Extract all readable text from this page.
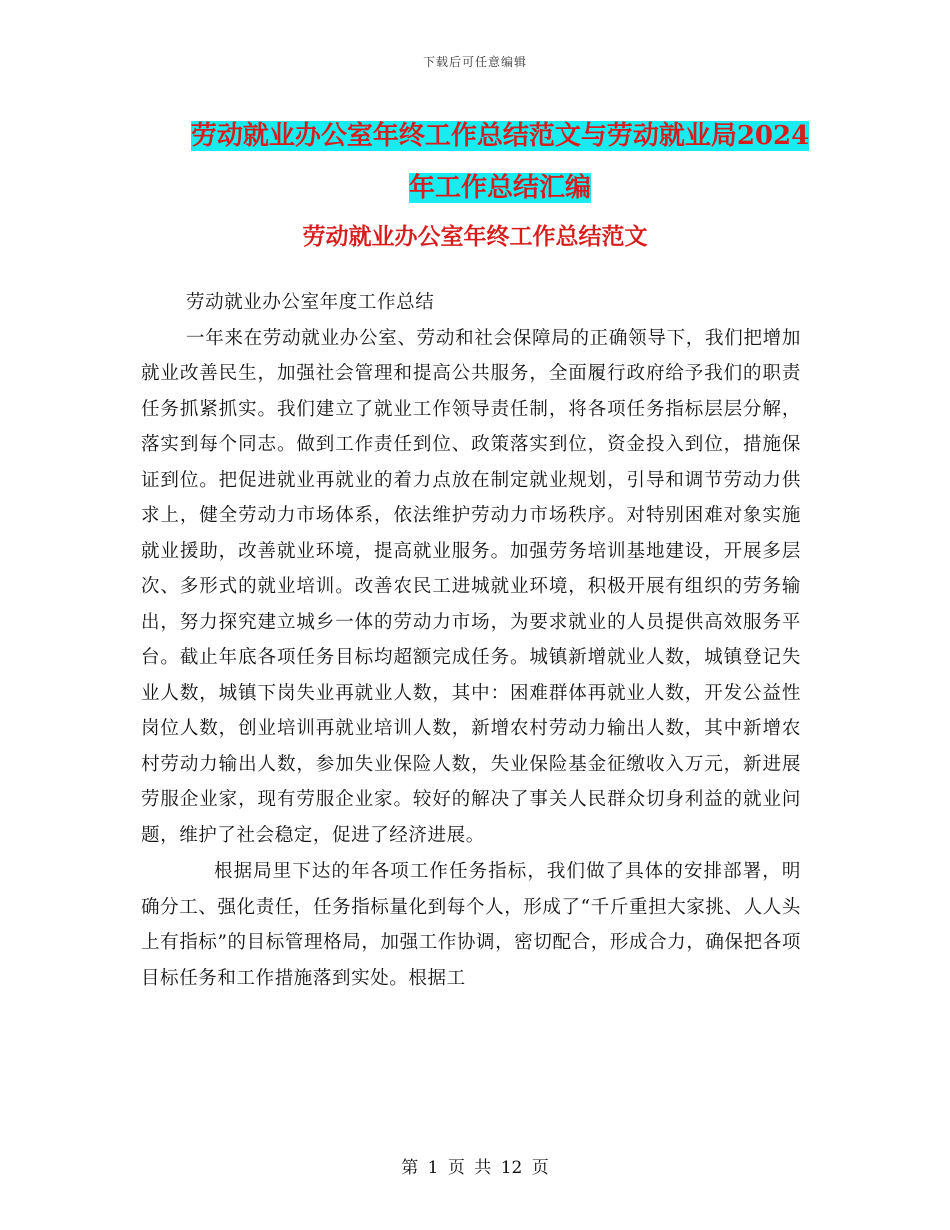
下载后可任意编辑
劳动就业办公室年终工作总结范文与劳动就业局2024
年工作总结汇编
劳动就业办公室年终工作总结范文

劳动就业办公室年度工作总结

一年来在劳动就业办公室、劳动和社会保障局的正确领导下，我们把增加就业改善民生，加强社会管理和提高公共服务，全面履行政府给予我们的职责任务抓紧抓实。我们建立了就业工作领导责任制，将各项任务指标层层分解，落实到每个同志。做到工作责任到位、政策落实到位，资金投入到位，措施保证到位。把促进就业再就业的着力点放在制定就业规划，引导和调节劳动力供求上，健全劳动力市场体系，依法维护劳动力市场秩序。对特别困难对象实施就业援助，改善就业环境，提高就业服务。加强劳务培训基地建设，开展多层次、多形式的就业培训。改善农民工进城就业环境，积极开展有组织的劳务输出，努力探究建立城乡一体的劳动力市场，为要求就业的人员提供高效服务平台。截止年底各项任务目标均超额完成任务。城镇新增就业人数，城镇登记失业人数，城镇下岗失业再就业人数，其中：困难群体再就业人数，开发公益性岗位人数，创业培训再就业培训人数，新增农村劳动力输出人数，其中新增农村劳动力输出人数，参加失业保险人数，失业保险基金征缴收入万元，新进展劳服企业家，现有劳服企业家。较好的解决了事关人民群众切身利益的就业问题，维护了社会稳定，促进了经济进展。

根据局里下达的年各项工作任务指标，我们做了具体的安排部署，明确分工、强化责任，任务指标量化到每个人，形成了“千斤重担大家挑、人人头上有指标”的目标管理格局，加强工作协调，密切配合，形成合力，确保把各项目标任务和工作措施落到实处。根据工

第 1 页 共 12 页
